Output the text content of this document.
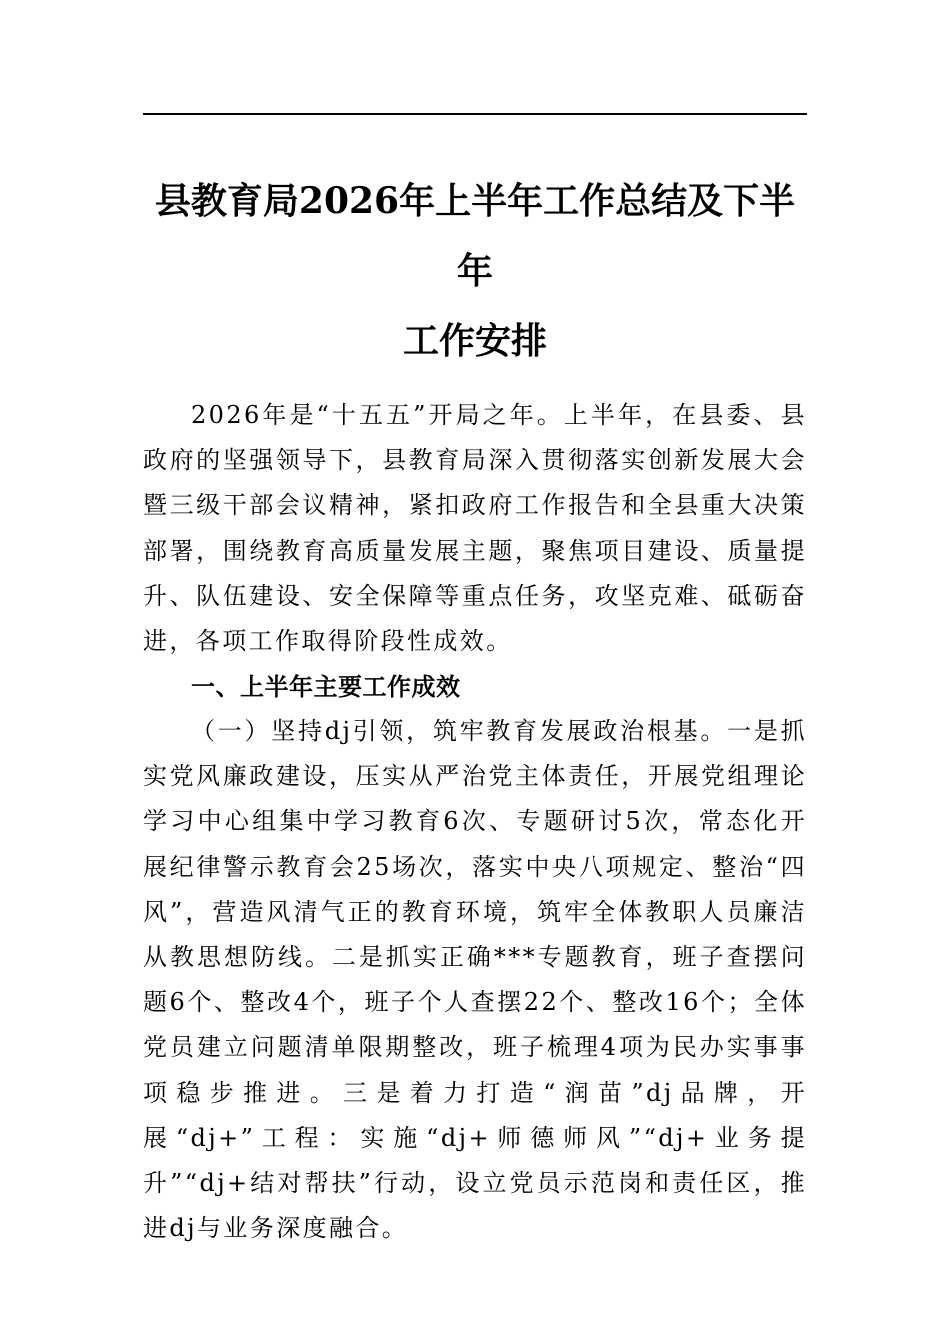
县教育局2026年上半年工作总结及下半年
工作安排

2026年是“十五五”开局之年。上半年，在县委、县政府的坚强领导下，县教育局深入贯彻落实创新发展大会暨三级干部会议精神，紧扣政府工作报告和全县重大决策部署，围绕教育高质量发展主题，聚焦项目建设、质量提升、队伍建设、安全保障等重点任务，攻坚克难、砥砺奋进，各项工作取得阶段性成效。

一、上半年主要工作成效

（一）坚持dj引领，筑牢教育发展政治根基。一是抓实党风廉政建设，压实从严治党主体责任，开展党组理论学习中心组集中学习教育6次、专题研讨5次，常态化开展纪律警示教育会25场次，落实中央八项规定、整治“四风”，营造风清气正的教育环境，筑牢全体教职人员廉洁从教思想防线。二是抓实正确***专题教育，班子查摆问题6个、整改4个，班子个人查摆22个、整改16个；全体党员建立问题清单限期整改，班子梳理4项为民办实事事项稳步推进。三是着力打造“润苗”dj品牌，开展“dj+”工程：实施“dj+师德师风”“dj+业务提升”“dj+结对帮扶”行动，设立党员示范岗和责任区，推进dj与业务深度融合。
